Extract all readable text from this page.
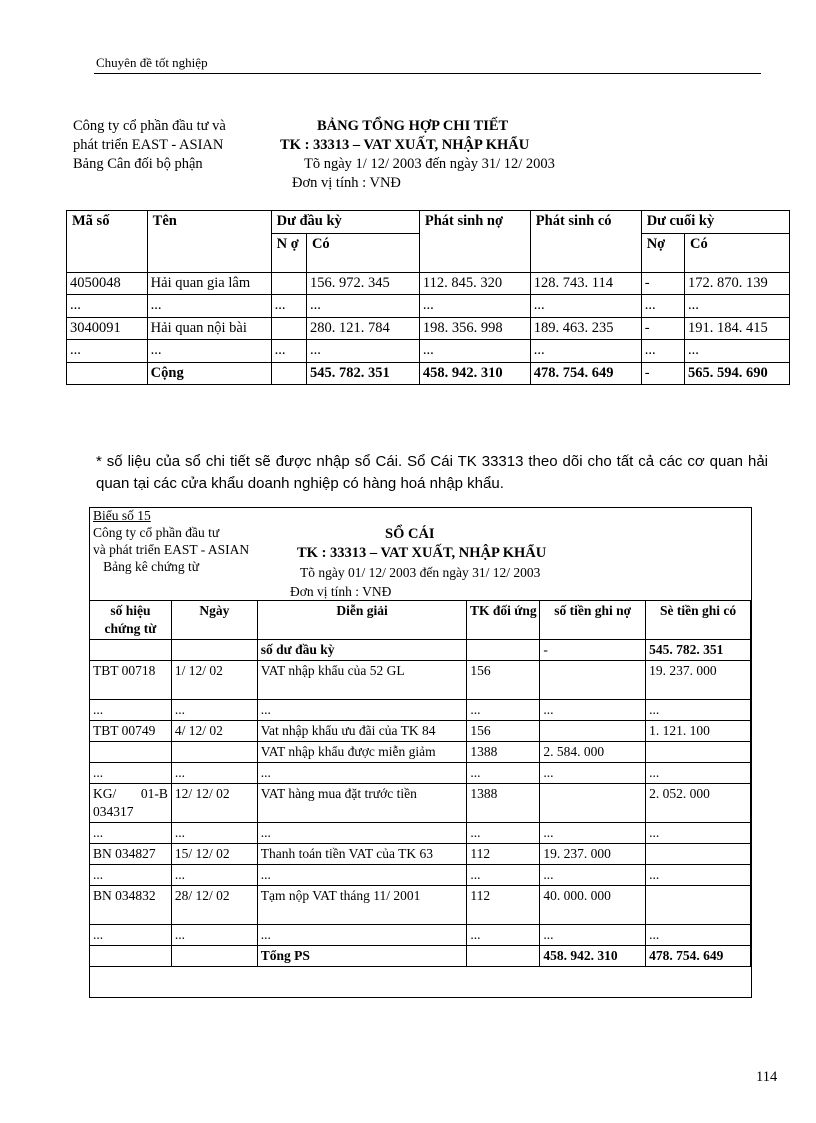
Chuyên đề tốt nghiệp
Công ty cổ phần đầu tư và
phát triển EAST - ASIAN
Bảng Cân đối bộ phận
BẢNG TỔNG HỢP CHI TIẾT
TK : 33313 – VAT XUẤT, NHẬP KHẨU
Tõ ngày 1/ 12/ 2003 đến ngày 31/ 12/ 2003
Đơn vị tính : VNĐ
Mã số	Tên	Dư đầu kỳ		Phát sinh nợ	Phát sinh có	Dư cuối kỳ	
		N ợ	Có			Nợ	Có
4050048	Hải quan gia lâm		156. 972. 345	112. 845. 320	128. 743. 114	-	172. 870. 139
...	...	...	...	...	...	...	...
3040091	Hải quan nội bài		280. 121. 784	198. 356. 998	189. 463. 235	-	191. 184. 415
...	...	...	...	...	...	...	...
	Cộng		545. 782. 351	458. 942. 310	478. 754. 649	-	565. 594. 690
* số liệu của sổ chi tiết sẽ được nhập sổ Cái. Sổ Cái TK 33313 theo dõi cho tất cả các cơ quan hải quan tại các cửa khẩu doanh nghiệp có hàng hoá nhập khẩu.
Biểu số 15
Công ty cổ phần đầu tư
và phát triển EAST - ASIAN
Bảng kê chứng từ
SỔ CÁI
TK : 33313 – VAT XUẤT, NHẬP KHẨU
Tõ ngày 01/ 12/ 2003 đến ngày 31/ 12/ 2003
Đơn vị tính : VNĐ
số hiệu chứng từ	Ngày	Diễn giải	TK đối ứng	số tiền ghi nợ	Sè tiền ghi có
		số dư đầu kỳ		-	545. 782. 351
TBT 00718	1/ 12/ 02	VAT nhập khẩu của 52 GL	156		19. 237. 000
...	...	...	...	...	...
TBT 00749	4/ 12/ 02	Vat nhập khẩu ưu đãi của TK 84	156		1. 121. 100
		VAT nhập khẩu được miễn giảm	1388	2. 584. 000	
...	...	...	...	...	...
KG/ 01-B 034317	12/ 12/ 02	VAT hàng mua đặt trước tiền	1388		2. 052. 000
...	...	...	...	...	...
BN 034827	15/ 12/ 02	Thanh toán tiền VAT của TK 63	112	19. 237. 000	
...	...	...	...	...	...
BN 034832	28/ 12/ 02	Tạm nộp VAT tháng 11/ 2001	112	40. 000. 000	
...	...	...	...	...	...
		Tổng PS		458. 942. 310	478. 754. 649
114
